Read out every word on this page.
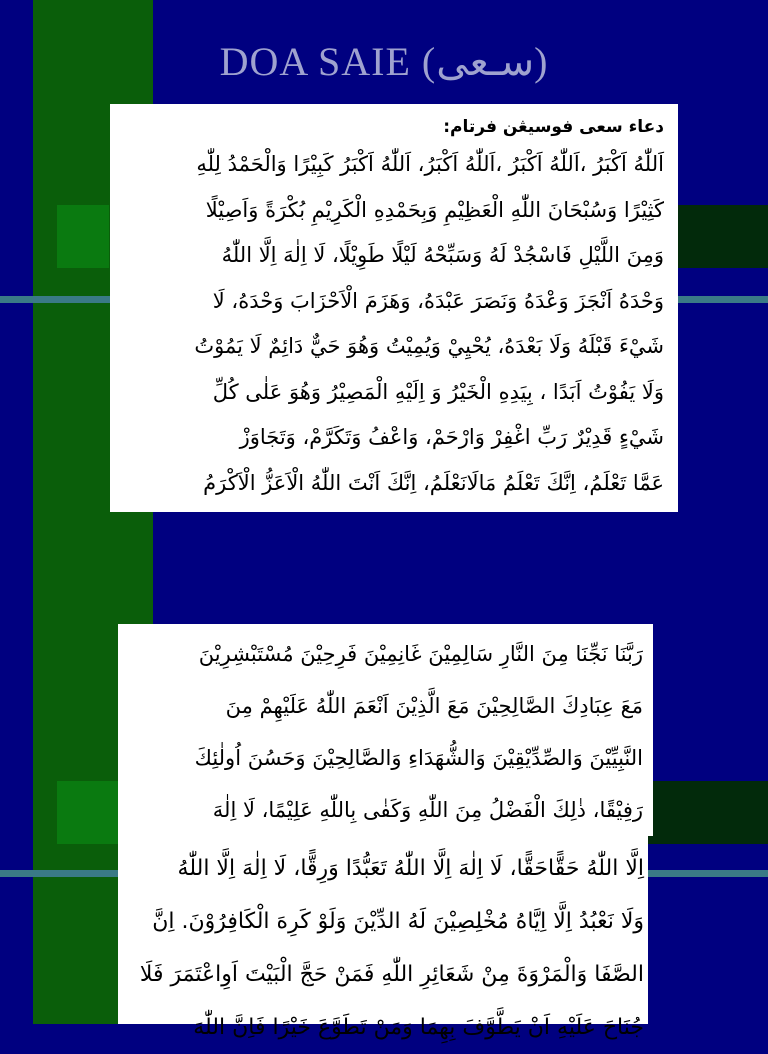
DOA SAIE (سـعى)
دعاء سعى فوسيڠن فرتام:
اَللّٰهُ اَكْبَرُ ،اَللّٰهُ اَكْبَرُ ،اَللّٰهُ اَكْبَرُ، اَللّٰهُ اَكْبَرُ كَبِيْرًا وَالْحَمْدُ لِلّٰهِ
كَثِيْرًا وَسُبْحَانَ اللّٰهِ الْعَظِيْمِ وَبِحَمْدِهِ الْكَرِيْمِ بُكْرَةً وَاَصِيْلًا
وَمِنَ اللَّيْلِ فَاسْجُدْ لَهُ وَسَبِّحْهُ لَيْلًا طَوِيْلًا، لَا اِلٰهَ اِلَّا اللّٰهُ
وَحْدَهُ اَنْجَزَ وَعْدَهُ وَنَصَرَ عَبْدَهُ، وَهَزَمَ الْاَحْزَابَ وَحْدَهُ، لَا
شَيْءَ قَبْلَهُ وَلَا بَعْدَهُ، يُحْيِيْ وَيُمِيْتُ وَهُوَ حَيٌّ دَائِمٌ لَا يَمُوْتُ
وَلَا يَفُوْتُ اَبَدًا ، بِيَدِهِ الْخَيْرُ وَ اِلَيْهِ الْمَصِيْرُ وَهُوَ عَلٰى كُلِّ
شَيْءٍ قَدِيْرٌ رَبِّ اغْفِرْ وَارْحَمْ، وَاعْفُ وَتَكَرَّمْ، وَتَجَاوَزْ
عَمَّا تَعْلَمُ، اِنَّكَ تَعْلَمُ مَالَانَعْلَمُ، اِنَّكَ اَنْتَ اللّٰهُ الْاَعَزُّ الْاَكْرَمُ
رَبَّنَا نَجِّنَا مِنَ النَّارِ سَالِمِيْنَ غَانِمِيْنَ فَرِحِيْنَ مُسْتَبْشِرِيْنَ
مَعَ عِبَادِكَ الصَّالِحِيْنَ مَعَ الَّذِيْنَ اَنْعَمَ اللّٰهُ عَلَيْهِمْ مِنَ
النَّبِيِّيْنَ وَالصِّدِّيْقِيْنَ وَالشُّهَدَاءِ وَالصَّالِحِيْنَ وَحَسُنَ اُولٰئِكَ
رَفِيْقًا، ذٰلِكَ الْفَضْلُ مِنَ اللّٰهِ وَكَفٰى بِاللّٰهِ عَلِيْمًا، لَا اِلٰهَ
اِلَّا اللّٰهُ حَقًّاحَقًّا، لَا اِلٰهَ اِلَّا اللّٰهُ تَعَبُّدًا وَرِقًّا، لَا اِلٰهَ اِلَّا اللّٰهُ
وَلَا نَعْبُدُ اِلَّا اِيَّاهُ مُخْلِصِيْنَ لَهُ الدِّيْنَ وَلَوْ كَرِهَ الْكَافِرُوْنَ. اِنَّ
الصَّفَا وَالْمَرْوَةَ مِنْ شَعَائِرِ اللّٰهِ فَمَنْ حَجَّ الْبَيْتَ اَوِاعْتَمَرَ فَلَا
جُنَاحَ عَلَيْهِ اَنْ يَطَّوَّفَ بِهِمَا وَمَنْ تَطَوَّعَ خَيْرًا فَاِنَّ اللّٰهَ
